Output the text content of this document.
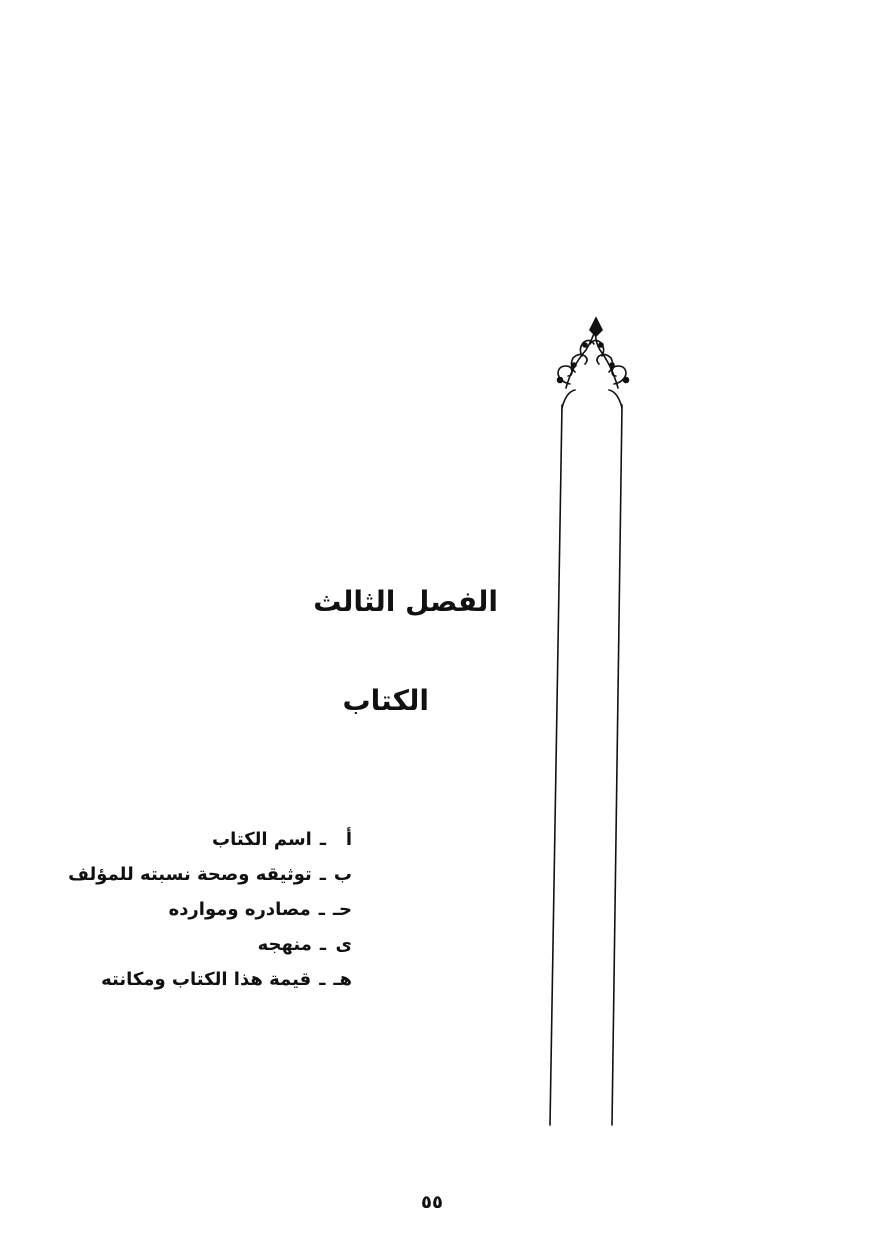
الفصل الثالث
الكتاب
أ
ـ
اسم الكتاب
ب
ـ
توثيقه وصحة نسبته للمؤلف
حـ
ـ
مصادره وموارده
ى
ـ
منهجه
هـ
ـ
قيمة هذا الكتاب ومكانته
٥٥
